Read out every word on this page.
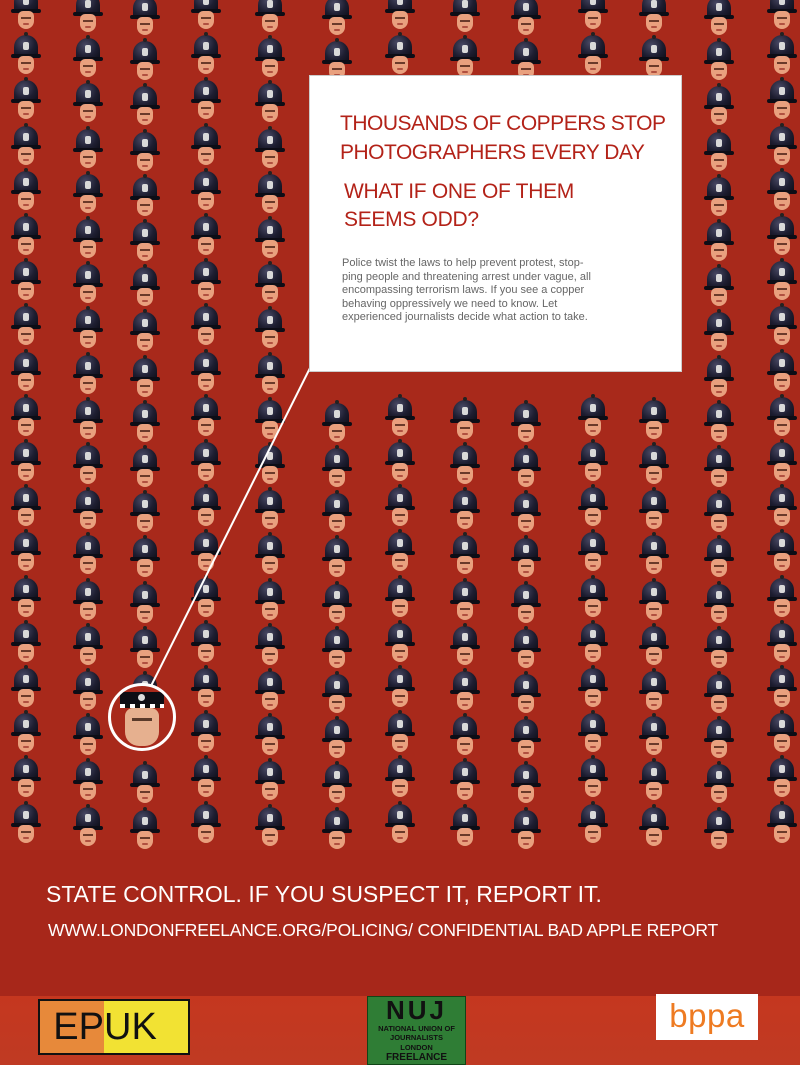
THOUSANDS OF COPPERS STOP
PHOTOGRAPHERS EVERY DAY
WHAT IF ONE OF THEM
SEEMS ODD?
Police twist the laws to help prevent protest, stop-
ping people and threatening arrest under vague, all
encompassing terrorism laws. If you see a copper
behaving oppressively we need to know. Let
experienced journalists decide what action to take.
STATE CONTROL. IF YOU SUSPECT IT, REPORT IT.
WWW.LONDONFREELANCE.ORG/POLICING/ CONFIDENTIAL BAD APPLE REPORT
EP UK	NUJ
NATIONAL UNION OF
JOURNALISTS
LONDON
FREELANCE
bppa
